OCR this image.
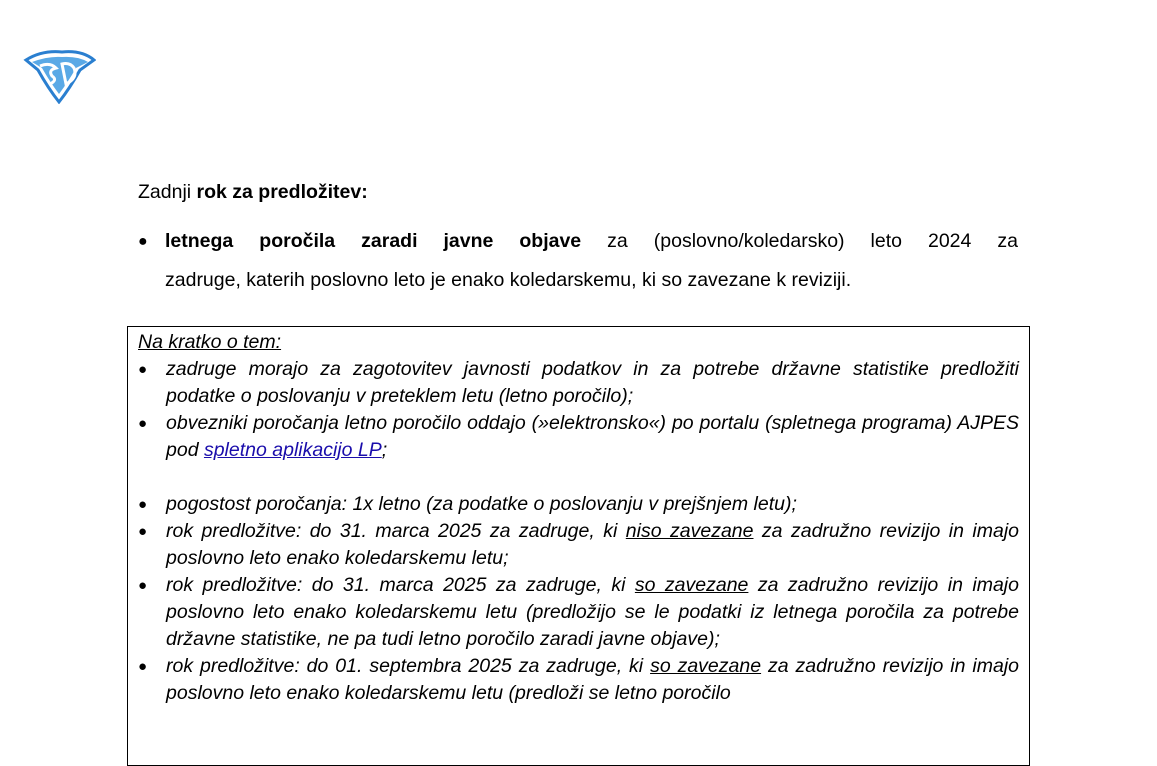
Zadnji rok za predložitev:
● letnega poročila zaradi javne objave za (poslovno/koledarsko) leto 2024 za
zadruge, katerih poslovno leto je enako koledarskemu, ki so zavezane k reviziji.
Na kratko o tem:
● zadruge morajo za zagotovitev javnosti podatkov in za potrebe državne statistike predložiti podatke o poslovanju v preteklem letu (letno poročilo);
● obvezniki poročanja letno poročilo oddajo (»elektronsko«) po portalu (spletnega programa) AJPES pod spletno aplikacijo LP;
● pogostost poročanja: 1x letno (za podatke o poslovanju v prejšnjem letu);
● rok predložitve: do 31. marca 2025 za zadruge, ki niso zavezane za zadružno revizijo in imajo poslovno leto enako koledarskemu letu;
● rok predložitve: do 31. marca 2025 za zadruge, ki so zavezane za zadružno revizijo in imajo poslovno leto enako koledarskemu letu (predložijo se le podatki iz letnega poročila za potrebe državne statistike, ne pa tudi letno poročilo zaradi javne objave);
● rok predložitve: do 01. septembra 2025 za zadruge, ki so zavezane za zadružno revizijo in imajo poslovno leto enako koledarskemu letu (predloži se letno poročilo
